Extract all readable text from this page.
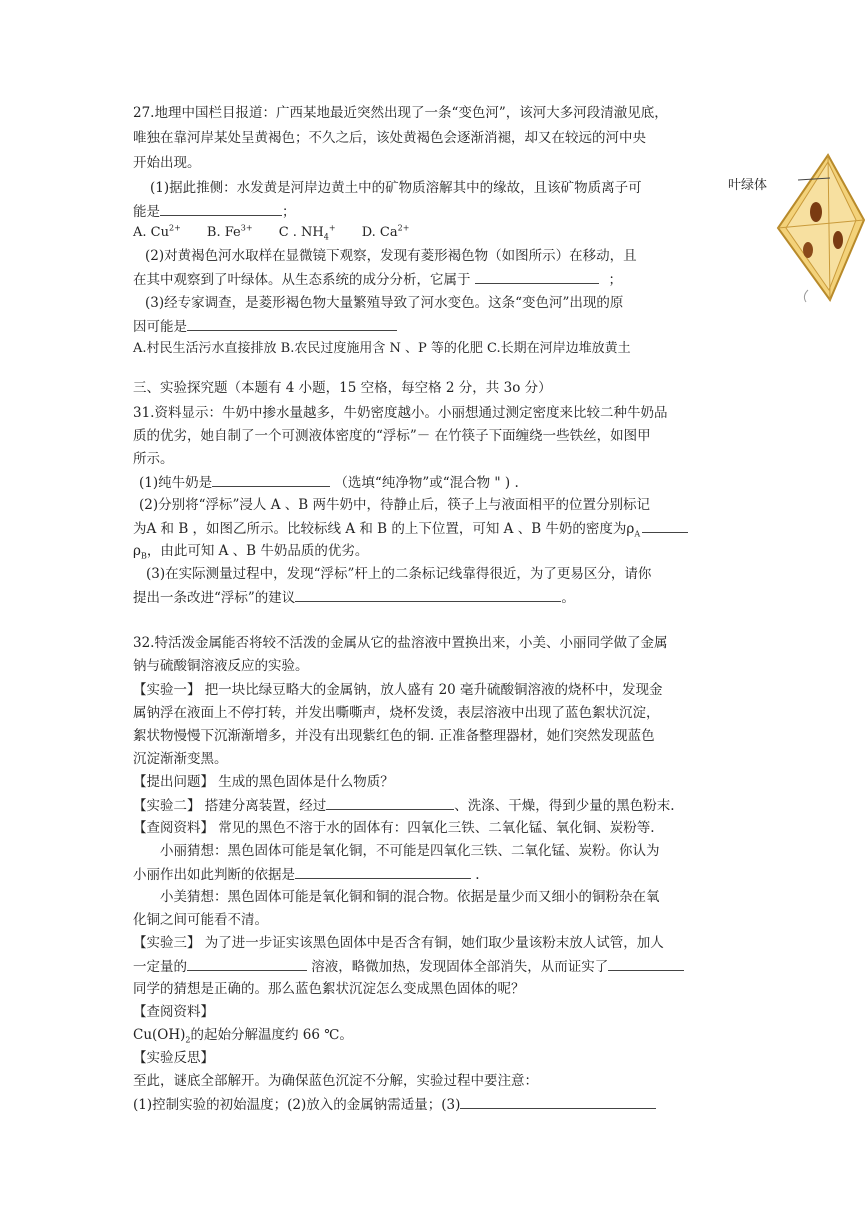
27.地理中国栏目报道：广西某地最近突然出现了一条“变色河”，该河大多河段清澈见底，
唯独在靠河岸某处呈黄褐色；不久之后，该处黄褐色会逐渐消褪，却又在较远的河中央
开始出现。
(1)据此推侧：水发黄是河岸边黄土中的矿物质溶解其中的缘故，且该矿物质离子可
能是	；
A. $Cu^{2+}$ B. $Fe^{3+}$ C . $NH_4^+$ D. $Ca^{2+}$
(2)对黄褐色河水取样在显微镜下观察，发现有菱形褐色物（如图所示）在移动，且
在其中观察到了叶绿体。从生态系统的成分分析，它属于	；
(3)经专家调查，是菱形褐色物大量繁殖导致了河水变色。这条“变色河”出现的原
因可能是
A.村民生活污水直接排放 B.农民过度施用含 N 、P 等的化肥 C.长期在河岸边堆放黄土
叶绿体
三、实验探究题（本题有 4 小题，15 空格，每空格 2 分，共 3o 分）
31.资料显示：牛奶中掺水量越多，牛奶密度越小。小丽想通过测定密度来比较二种牛奶品
质的优劣，她自制了一个可测液体密度的“浮标”－ 在竹筷子下面缠绕一些铁丝，如图甲
所示。
(1)纯牛奶是	（选填“纯净物”或“混合物 " ) .
(2)分别将“浮标”浸人 A 、B 两牛奶中，待静止后，筷子上与液面相平的位置分别标记
为A 和 B ，如图乙所示。比较标线 A 和 B 的上下位置，可知 A 、B 牛奶的密度为$\rho_A$
$\rho_B$，由此可知 A 、B 牛奶品质的优劣。
(3)在实际测量过程中，发现“浮标”杆上的二条标记线靠得很近，为了更易区分，请你
提出一条改进“浮标”的建议	。
32.特活泼金属能否将较不活泼的金属从它的盐溶液中置换出来，小美、小丽同学做了金属
钠与硫酸铜溶液反应的实验。
【实验一】 把一块比绿豆略大的金属钠，放人盛有 20 毫升硫酸铜溶液的烧杯中，发现金
属钠浮在液面上不停打转，并发出嘶嘶声，烧杯发烫，表层溶液中出现了蓝色絮状沉淀，
絮状物慢慢下沉渐渐增多，并没有出现紫红色的铜. 正准备整理器材，她们突然发现蓝色
沉淀渐渐变黑。
【提出问题】 生成的黑色固体是什么物质？
【实验二】 搭建分离装置，经过	、洗涤、干燥，得到少量的黑色粉末.
【查阅资料】 常见的黑色不溶于水的固体有：四氧化三铁、二氧化锰、氧化铜、炭粉等.
小丽猜想：黑色固体可能是氧化铜，不可能是四氧化三铁、二氧化锰、炭粉。你认为
小丽作出如此判断的依据是	.
小美猜想：黑色固体可能是氧化铜和铜的混合物。依据是量少而又细小的铜粉杂在氧
化铜之间可能看不清。
【实验三】 为了进一步证实该黑色固体中是否含有铜，她们取少量该粉末放人试管，加人
一定量的	溶液，略微加热，发现固体全部消失，从而证实了
同学的猜想是正确的。那么蓝色絮状沉淀怎么变成黑色固体的呢？
【查阅资料】
$Cu(OH)_2$的起始分解温度约 66 ℃。
【实验反思】
至此，谜底全部解开。为确保蓝色沉淀不分解，实验过程中要注意：
(1)控制实验的初始温度；(2)放入的金属钠需适量；(3)
